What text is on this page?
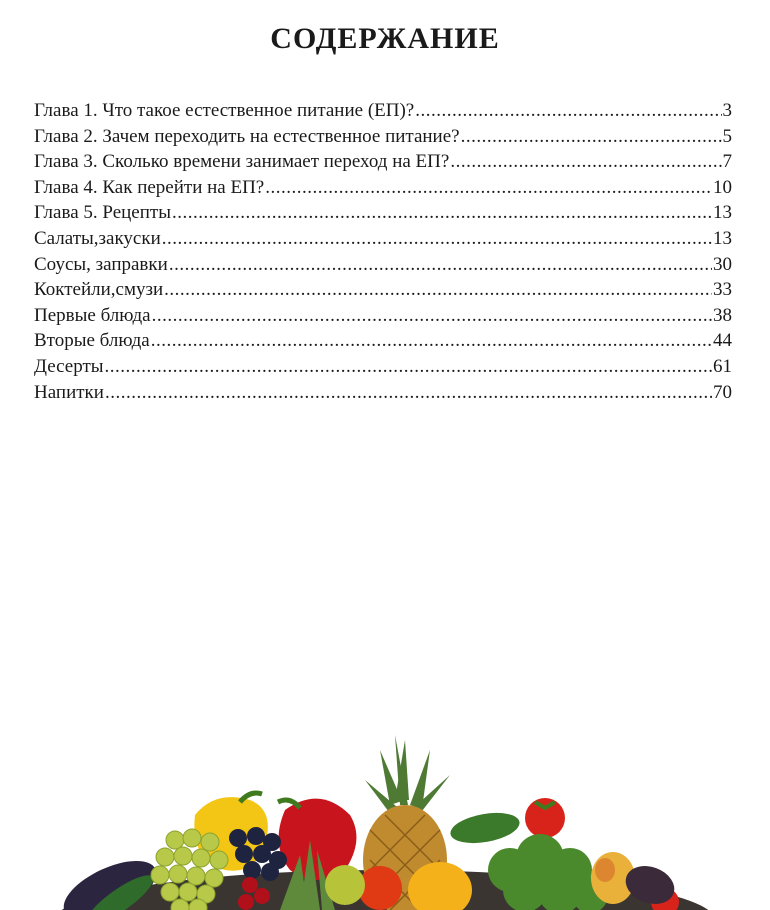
СОДЕРЖАНИЕ
Глава 1. Что такое естественное питание (ЕП)? .....	3
Глава 2. Зачем переходить на естественное питание? .....	5
Глава 3. Сколько времени занимает переход на ЕП? .....	7
Глава 4. Как перейти на ЕП? .....	10
Глава 5. Рецепты .....	13
Салаты,закуски .....	13
Соусы, заправки .....	30
Коктейли,смузи .....	33
Первые блюда .....	38
Вторые блюда .....	44
Десерты .....	61
Напитки .....	70
